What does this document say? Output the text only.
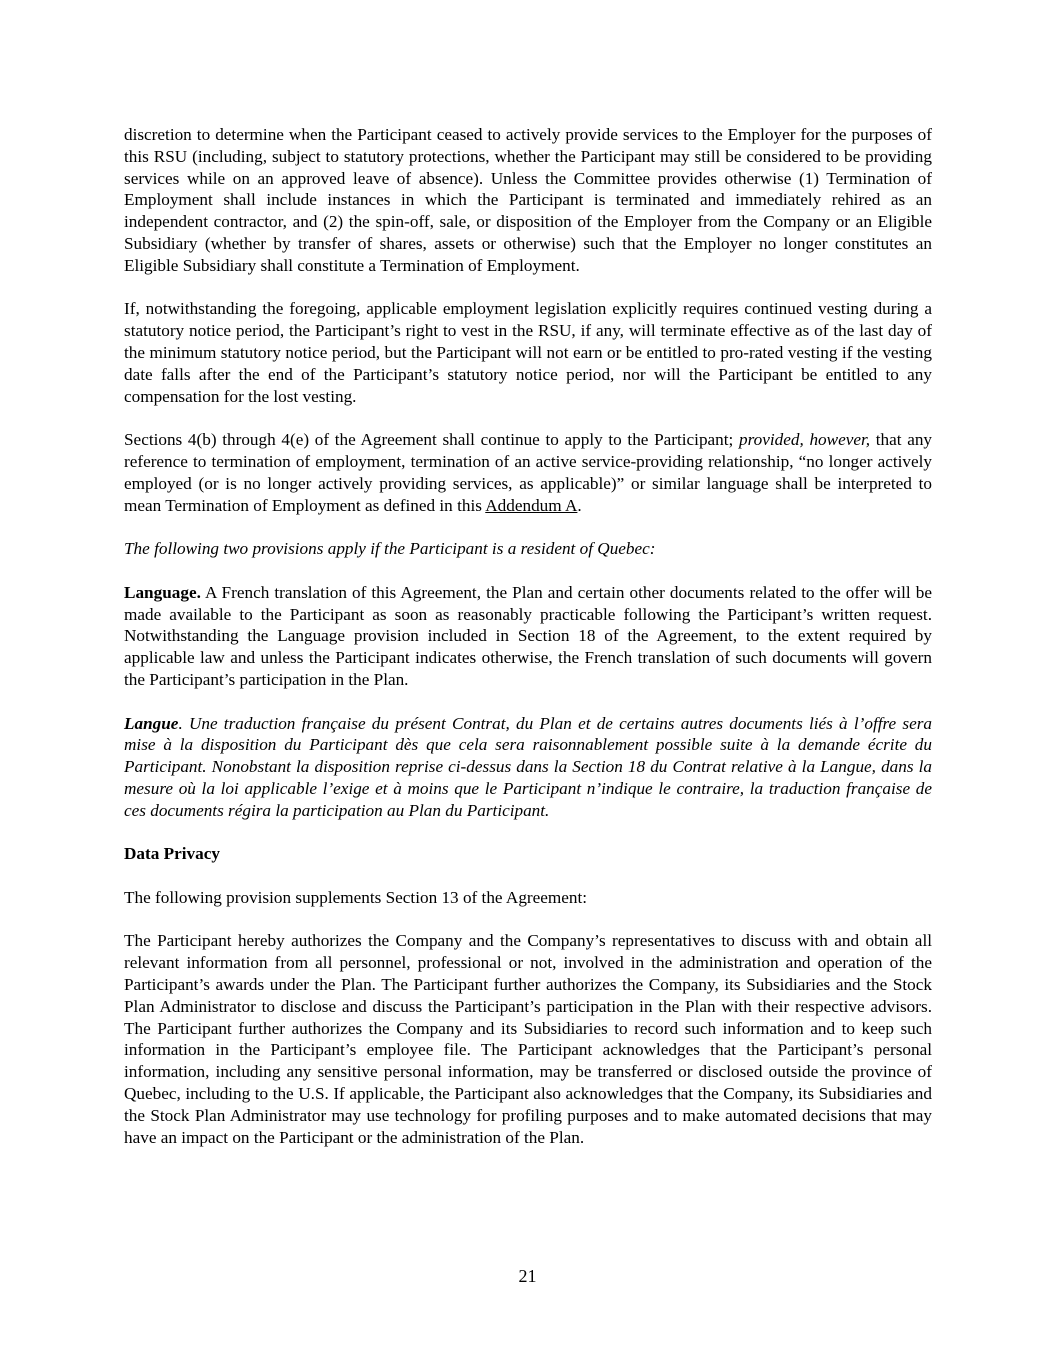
discretion to determine when the Participant ceased to actively provide services to the Employer for the purposes of this RSU (including, subject to statutory protections, whether the Participant may still be considered to be providing services while on an approved leave of absence). Unless the Committee provides otherwise (1) Termination of Employment shall include instances in which the Participant is terminated and immediately rehired as an independent contractor, and (2) the spin-off, sale, or disposition of the Employer from the Company or an Eligible Subsidiary (whether by transfer of shares, assets or otherwise) such that the Employer no longer constitutes an Eligible Subsidiary shall constitute a Termination of Employment.

If, notwithstanding the foregoing, applicable employment legislation explicitly requires continued vesting during a statutory notice period, the Participant’s right to vest in the RSU, if any, will terminate effective as of the last day of the minimum statutory notice period, but the Participant will not earn or be entitled to pro-rated vesting if the vesting date falls after the end of the Participant’s statutory notice period, nor will the Participant be entitled to any compensation for the lost vesting.

Sections 4(b) through 4(e) of the Agreement shall continue to apply to the Participant; provided, however, that any reference to termination of employment, termination of an active service-providing relationship, “no longer actively employed (or is no longer actively providing services, as applicable)” or similar language shall be interpreted to mean Termination of Employment as defined in this Addendum A.

The following two provisions apply if the Participant is a resident of Quebec:

Language. A French translation of this Agreement, the Plan and certain other documents related to the offer will be made available to the Participant as soon as reasonably practicable following the Participant’s written request. Notwithstanding the Language provision included in Section 18 of the Agreement, to the extent required by applicable law and unless the Participant indicates otherwise, the French translation of such documents will govern the Participant’s participation in the Plan.

Langue. Une traduction française du présent Contrat, du Plan et de certains autres documents liés à l’offre sera mise à la disposition du Participant dès que cela sera raisonnablement possible suite à la demande écrite du Participant. Nonobstant la disposition reprise ci-dessus dans la Section 18 du Contrat relative à la Langue, dans la mesure où la loi applicable l’exige et à moins que le Participant n’indique le contraire, la traduction française de ces documents régira la participation au Plan du Participant.

Data Privacy

The following provision supplements Section 13 of the Agreement:

The Participant hereby authorizes the Company and the Company’s representatives to discuss with and obtain all relevant information from all personnel, professional or not, involved in the administration and operation of the Participant’s awards under the Plan. The Participant further authorizes the Company, its Subsidiaries and the Stock Plan Administrator to disclose and discuss the Participant’s participation in the Plan with their respective advisors. The Participant further authorizes the Company and its Subsidiaries to record such information and to keep such information in the Participant’s employee file. The Participant acknowledges that the Participant’s personal information, including any sensitive personal information, may be transferred or disclosed outside the province of Quebec, including to the U.S. If applicable, the Participant also acknowledges that the Company, its Subsidiaries and the Stock Plan Administrator may use technology for profiling purposes and to make automated decisions that may have an impact on the Participant or the administration of the Plan.

21
